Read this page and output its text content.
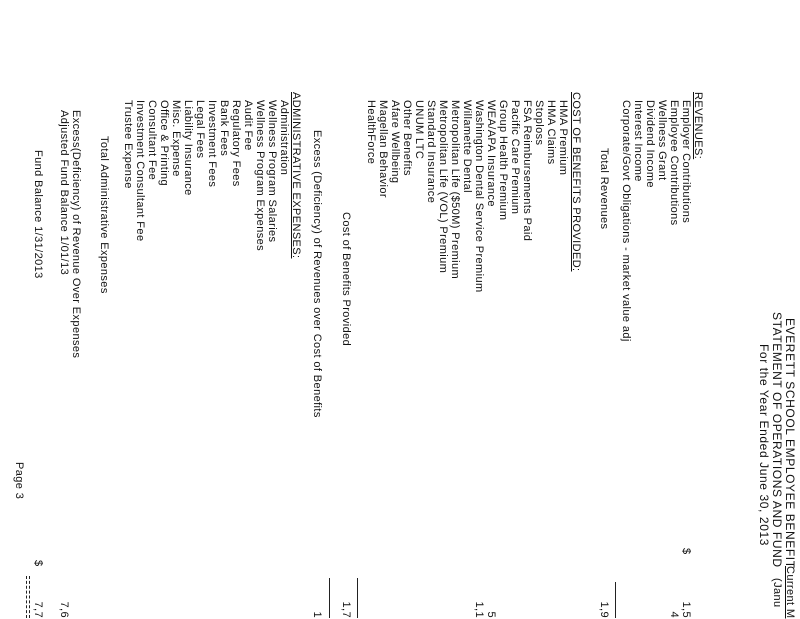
EVERETT SCHOOL EMPLOYEE BENEFIT
STATEMENT OF OPERATIONS AND FUND
For the Year Ended June 30, 2013
Current M
(Janu
REVENUES:
Employer Contributions
Employee Contributions
Wellness Grant
Dividend Income
Interest Income
Corporate/Govt Obligations - market value adj
$
1,5
4
Total Revenues
1,9
COST OF BENEFITS PROVIDED:
HMA Premium
HMA Claims
Stoploss
FSA Reimbursements Paid
Pacific Care Premium
Group Health Premium
WEA/APA Insurance
Washington Dental Service Premium
Willamette Dental
Metropolitan Life ($50M) Premium
Metropolitan Life (VOL) Premium
Standard Insurance
UNUM LTC
Other Benefits
Afare Wellbeing
Magellan Behavior
HealthForce
5
1,1
Cost of Benefits Provided
1,7
Excess (Deficiency) of Revenues over Cost of Benefits
1
ADMINISTRATIVE EXPENSES:
Administration
Wellness Program Salaries
Wellness Program Expenses
Audit Fee
Regulatory Fees
Bank Fees
Investment Fees
Legal Fees
Liability Insurance
Misc. Expense
Office & Printing
Consultant Fee
Investment Consultant Fee
Trustee Expense
Total Administrative Expenses
Excess(Deficiency) of Revenue Over Expenses
Adjusted Fund Balance 1/01/13
7,6
Fund Balance 1/31/2013
$
7,7
Page 3
